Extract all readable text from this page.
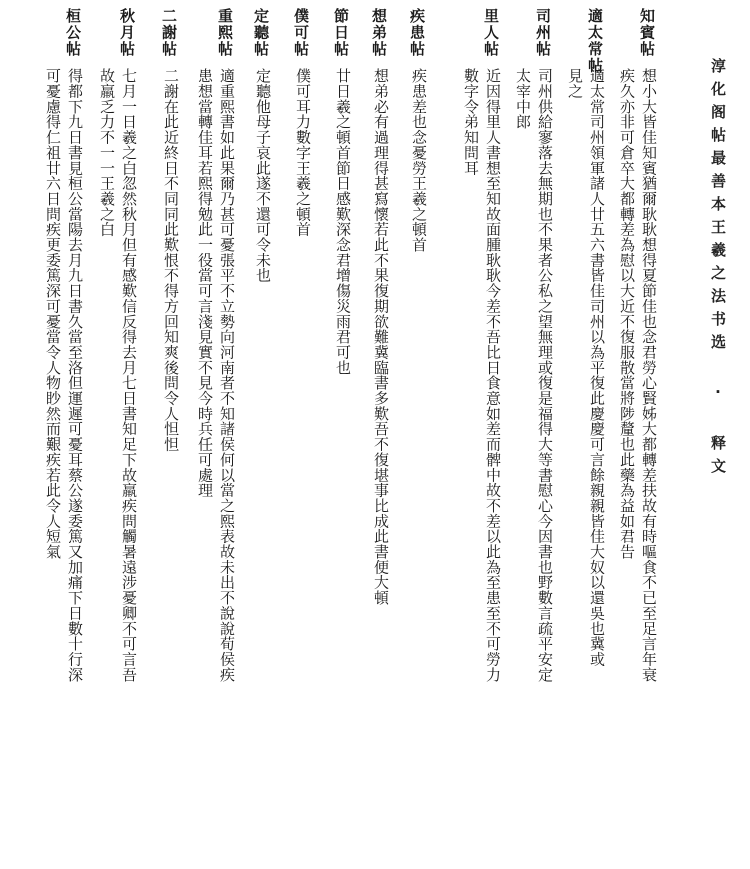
淳化阁帖最善本王羲之法书选 · 释文
知賓帖
想小大皆佳知賓猶爾耿耿想得夏節佳也念君勞心賢姊大都轉差扶故有時嘔食不已至足言年衰
疾久亦非可倉卒大都轉差為慰以大近不復服散當將陟釐也此藥為益如君告
適太常帖
適太常司州領軍諸人廿五六書皆佳司州以為平復此慶慶可言餘親親皆佳大奴以還吳也冀或
見之
司州帖
司州供給寥落去無期也不果者公私之望無理或復是福得大等書慰心今因書也野數言疏平安定
太宰中郎
里人帖
近因得里人書想至知故面腫耿耿今差不吾比日食意如差而髀中故不差以此為至患至不可勞力
數字令弟知問耳
疾患帖
疾患差也念憂勞王羲之頓首
想弟帖
想弟必有過理得甚寫懷若此不果復期欲難冀臨書多歎吾不復堪事比成此書便大頓
節日帖
廿日羲之頓首節日感歎深念君增傷災雨君可也
僕可帖
僕可耳力數字王羲之頓首
定聽帖
定聽他母子哀此遂不還可令未也
重熙帖
適重熙書如此果爾乃甚可憂張平不立勢向河南者不知諸侯何以當之熙表故未出不說說荀侯疾
患想當轉佳耳若熙得勉此一役當可言淺見實不見今時兵任可處理
二謝帖
二謝在此近終日不同同此歎恨不得方回知爽後問令人怛怛
秋月帖
七月一日羲之白忽然秋月但有感歎信反得去月七日書知足下故羸疾問觸暑遠涉憂卿不可言吾
故羸乏力不一一王羲之白
桓公帖
得都下九日書見桓公當陽去月九日書久當至洛但運遲可憂耳蔡公遂委篤又加痛下日數十行深
可憂慮得仁祖廿六日問疾更委篤深可憂當令人物眇然而艱疾若此令人短氣
